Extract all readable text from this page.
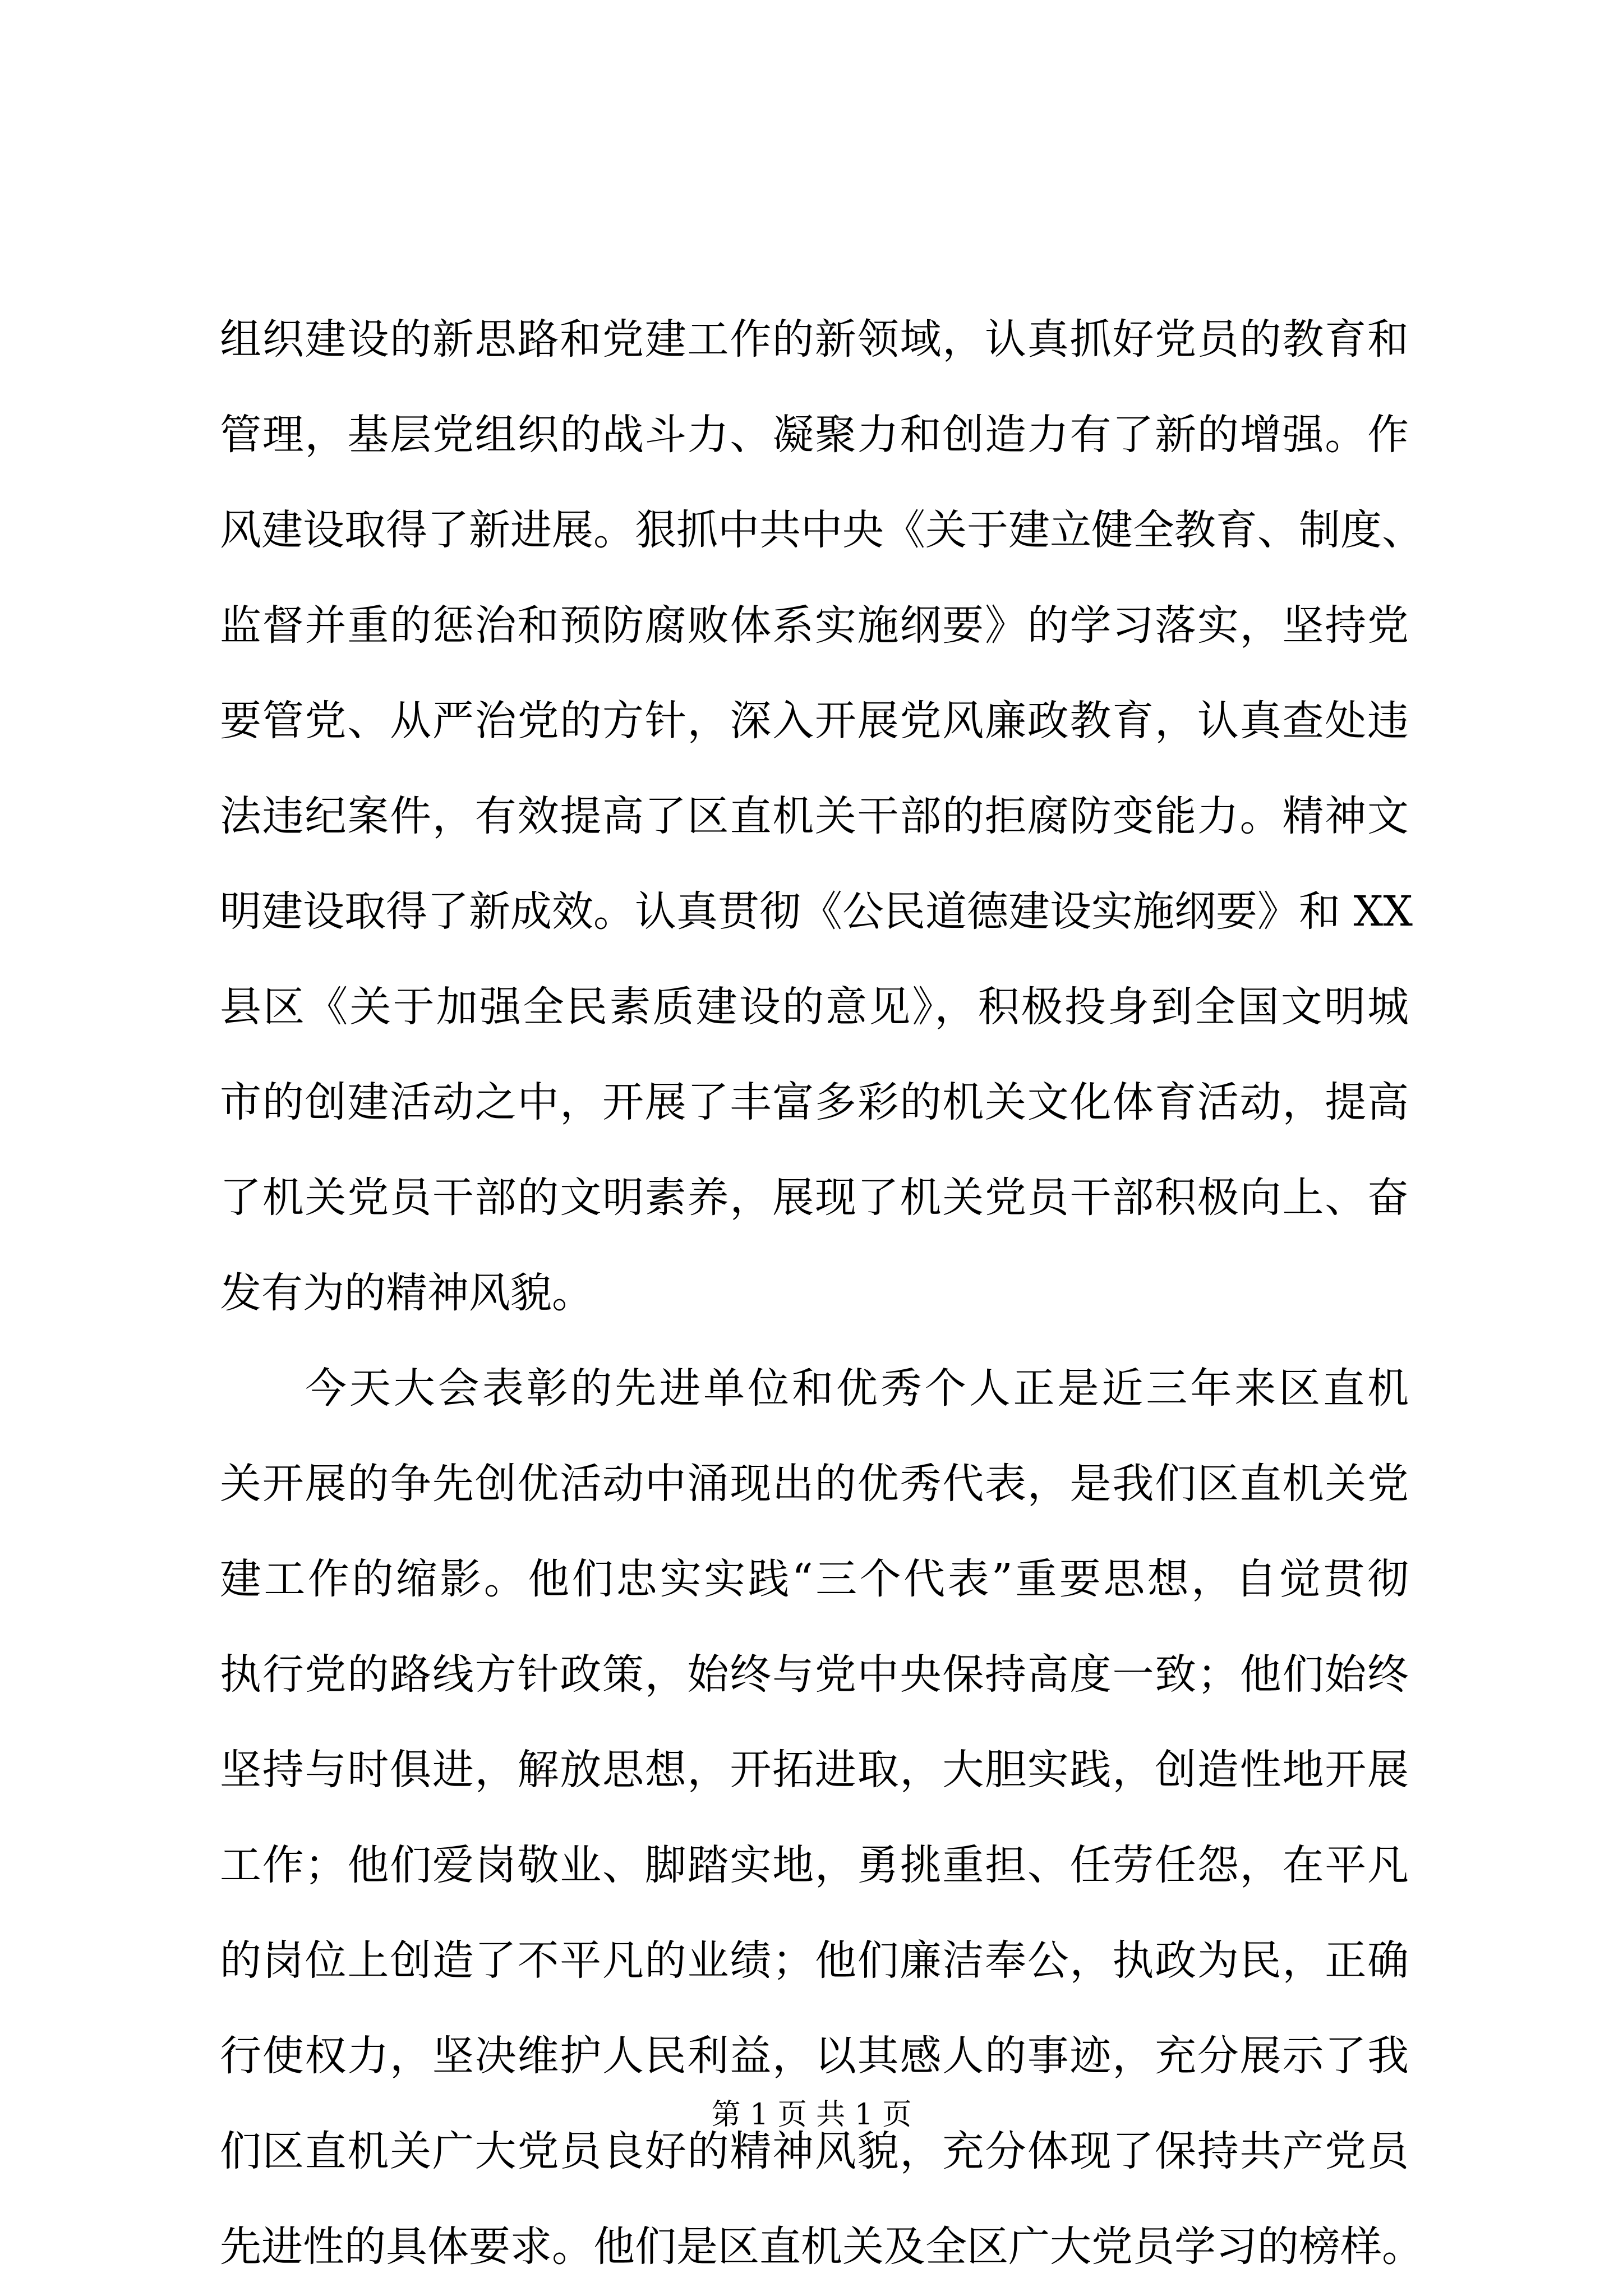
组织建设的新思路和党建工作的新领域，认真抓好党员的教育和
管理，基层党组织的战斗力、凝聚力和创造力有了新的增强。作
风建设取得了新进展。狠抓中共中央《关于建立健全教育、制度、
监督并重的惩治和预防腐败体系实施纲要》的学习落实，坚持党
要管党、从严治党的方针，深入开展党风廉政教育，认真查处违
法违纪案件，有效提高了区直机关干部的拒腐防变能力。精神文
明建设取得了新成效。认真贯彻《公民道德建设实施纲要》和 XX
县区《关于加强全民素质建设的意见》，积极投身到全国文明城
市的创建活动之中，开展了丰富多彩的机关文化体育活动，提高
了机关党员干部的文明素养，展现了机关党员干部积极向上、奋
发有为的精神风貌。
今天大会表彰的先进单位和优秀个人正是近三年来区直机
关开展的争先创优活动中涌现出的优秀代表，是我们区直机关党
建工作的缩影。他们忠实实践“三个代表”重要思想，自觉贯彻
执行党的路线方针政策，始终与党中央保持高度一致；他们始终
坚持与时俱进，解放思想，开拓进取，大胆实践，创造性地开展
工作；他们爱岗敬业、脚踏实地，勇挑重担、任劳任怨，在平凡
的岗位上创造了不平凡的业绩；他们廉洁奉公，执政为民，正确
行使权力，坚决维护人民利益，以其感人的事迹，充分展示了我
们区直机关广大党员良好的精神风貌，充分体现了保持共产党员
先进性的具体要求。他们是区直机关及全区广大党员学习的榜样。
第 1 页 共 1 页
